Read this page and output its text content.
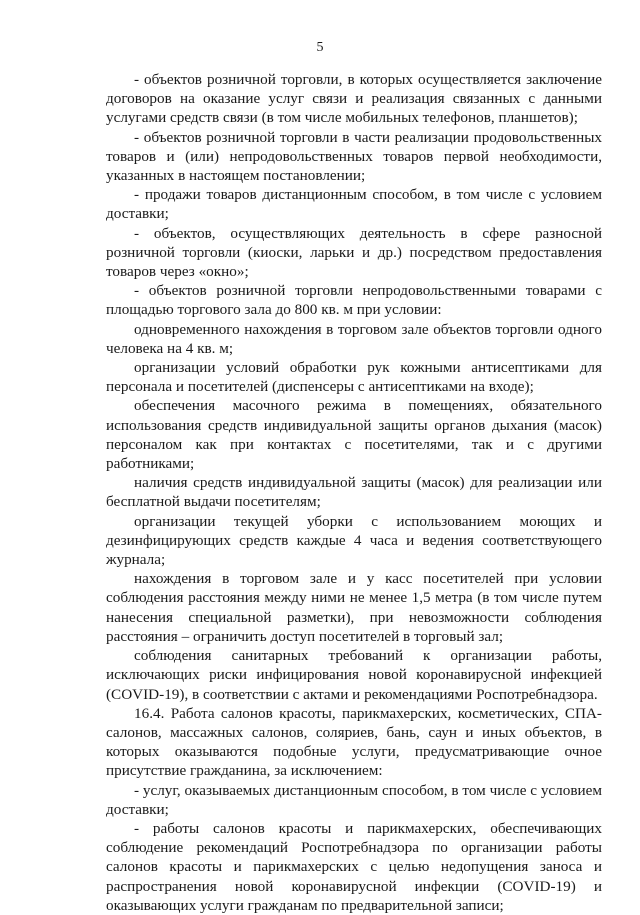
5

- объектов розничной торговли, в которых осуществляется заключение договоров на оказание услуг связи и реализация связанных с данными услугами средств связи (в том числе мобильных телефонов, планшетов);

- объектов розничной торговли в части реализации продовольственных товаров и (или) непродовольственных товаров первой необходимости, указанных в настоящем постановлении;

- продажи товаров дистанционным способом, в том числе с условием доставки;

- объектов, осуществляющих деятельность в сфере разносной розничной торговли (киоски, ларьки и др.) посредством предоставления товаров через «окно»;

- объектов розничной торговли непродовольственными товарами с площадью торгового зала до 800 кв. м при условии:

одновременного нахождения в торговом зале объектов торговли одного человека на 4 кв. м;

организации условий обработки рук кожными антисептиками для персонала и посетителей (диспенсеры с антисептиками на входе);

обеспечения масочного режима в помещениях, обязательного использования средств индивидуальной защиты органов дыхания (масок) персоналом как при контактах с посетителями, так и с другими работниками;

наличия средств индивидуальной защиты (масок) для реализации или бесплатной выдачи посетителям;

организации текущей уборки с использованием моющих и дезинфицирующих средств каждые 4 часа и ведения соответствующего журнала;

нахождения в торговом зале и у касс посетителей при условии соблюдения расстояния между ними не менее 1,5 метра (в том числе путем нанесения специальной разметки), при невозможности соблюдения расстояния – ограничить доступ посетителей в торговый зал;

соблюдения санитарных требований к организации работы, исключающих риски инфицирования новой коронавирусной инфекцией (COVID-19), в соответствии с актами и рекомендациями Роспотребнадзора.

16.4. Работа салонов красоты, парикмахерских, косметических, СПА-салонов, массажных салонов, соляриев, бань, саун и иных объектов, в которых оказываются подобные услуги, предусматривающие очное присутствие гражданина, за исключением:

- услуг, оказываемых дистанционным способом, в том числе с условием доставки;

- работы салонов красоты и парикмахерских, обеспечивающих соблюдение рекомендаций Роспотребнадзора по организации работы салонов красоты и парикмахерских с целью недопущения заноса и распространения новой коронавирусной инфекции (COVID-19) и оказывающих услуги гражданам по предварительной записи;
